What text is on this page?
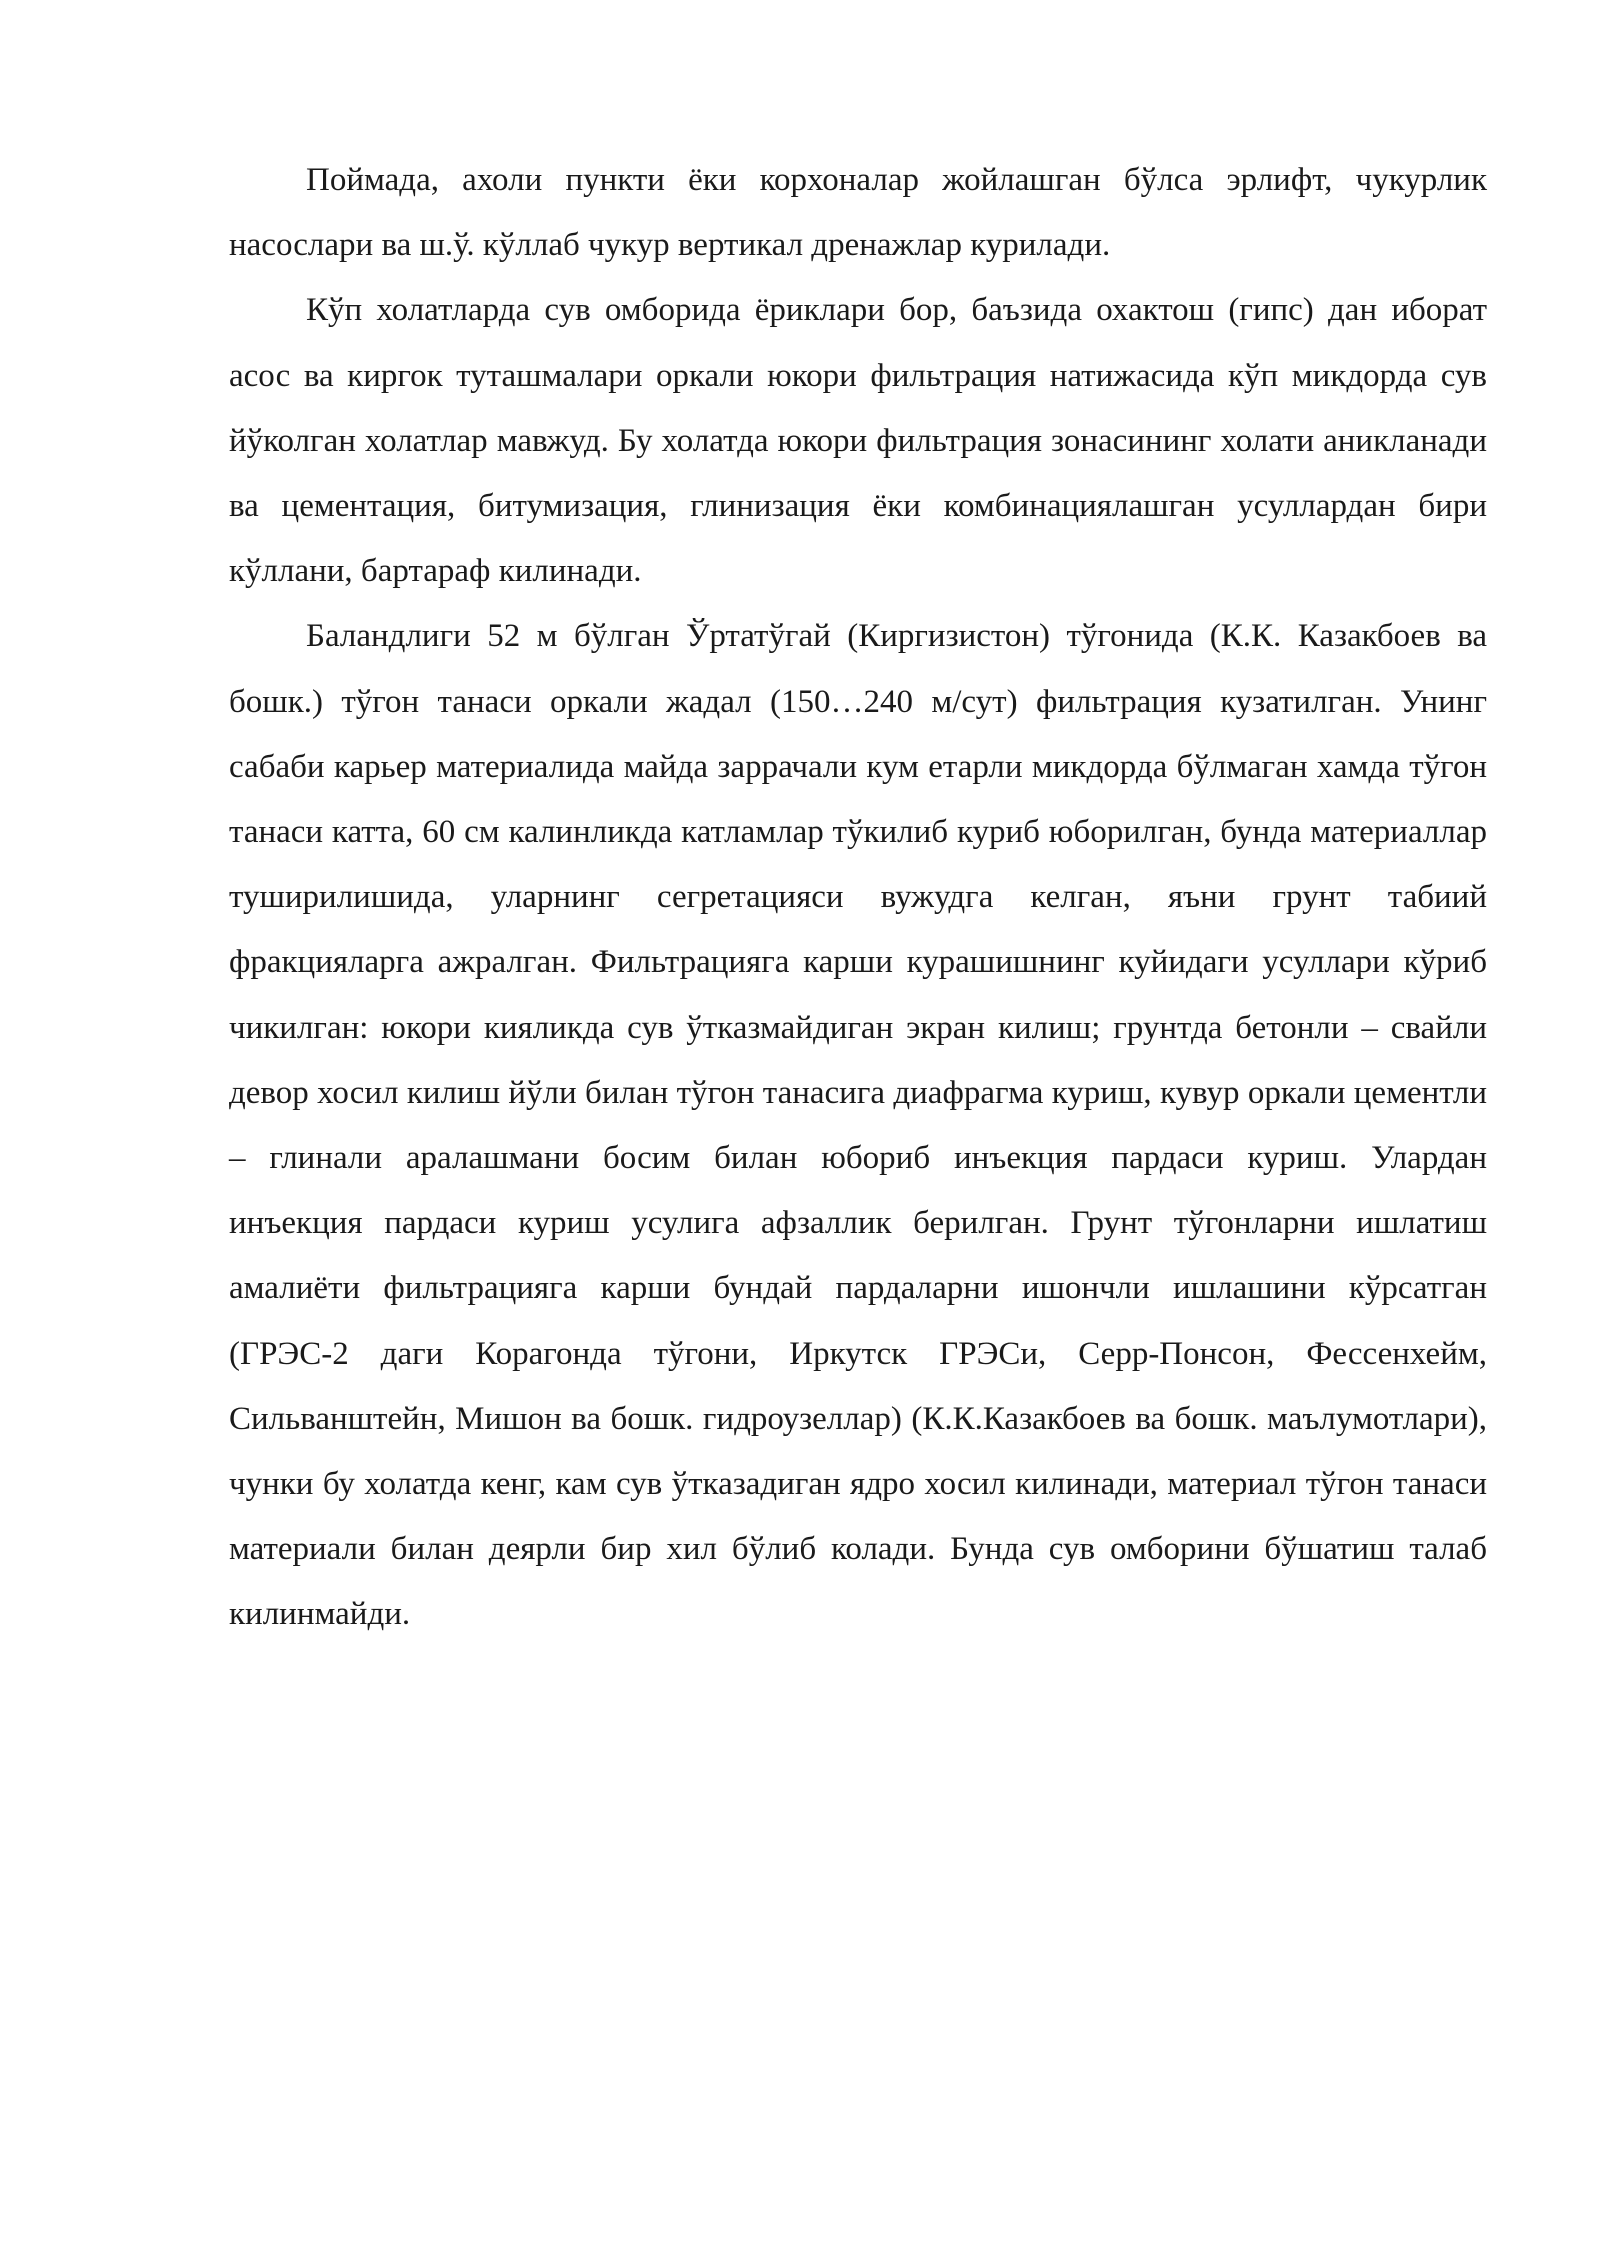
Поймада, ахоли пункти ёки корхоналар жойлашган бўлса эрлифт, чукурлик насослари ва ш.ў. кўллаб чукур вертикал дренажлар курилади.

Кўп холатларда сув омборида ёриклари бор, баъзида охактош (гипс) дан иборат асос ва киргок туташмалари оркали юкори фильтрация натижасида кўп микдорда сув йўколган холатлар мавжуд. Бу холатда юкори фильтрация зонасининг холати аникланади ва цементация, битумизация, глинизация ёки комбинациялашган усуллардан бири кўллани, бартараф килинади.

Баландлиги 52 м бўлган Ўртатўгай (Киргизистон) тўгонида (К.К. Казакбоев ва бошк.) тўгон танаси оркали жадал (150…240 м/сут) фильтрация кузатилган. Унинг сабаби карьер материалида майда заррачали кум етарли микдорда бўлмаган хамда тўгон танаси катта, 60 см калинликда катламлар тўкилиб куриб юборилган, бунда материаллар туширилишида, уларнинг сегретацияси вужудга келган, яъни грунт табиий фракцияларга ажралган. Фильтрацияга карши курашишнинг куйидаги усуллари кўриб чикилган: юкори кияликда сув ўтказмайдиган экран килиш; грунтда бетонли – свайли девор хосил килиш йўли билан тўгон танасига диафрагма куриш, кувур оркали цементли – глинали аралашмани босим билан юбориб инъекция пардаси куриш. Улардан инъекция пардаси куриш усулига афзаллик берилган. Грунт тўгонларни ишлатиш амалиёти фильтрацияга карши бундай пардаларни ишончли ишлашини кўрсатган (ГРЭС-2 даги Корагонда тўгони, Иркутск ГРЭСи, Серр-Понсон, Фессенхейм, Сильванштейн, Мишон ва бошк. гидроузеллар) (К.К.Казакбоев ва бошк. маълумотлари), чунки бу холатда кенг, кам сув ўтказадиган ядро хосил килинади, материал тўгон танаси материали билан деярли бир хил бўлиб колади. Бунда сув омборини бўшатиш талаб килинмайди.
